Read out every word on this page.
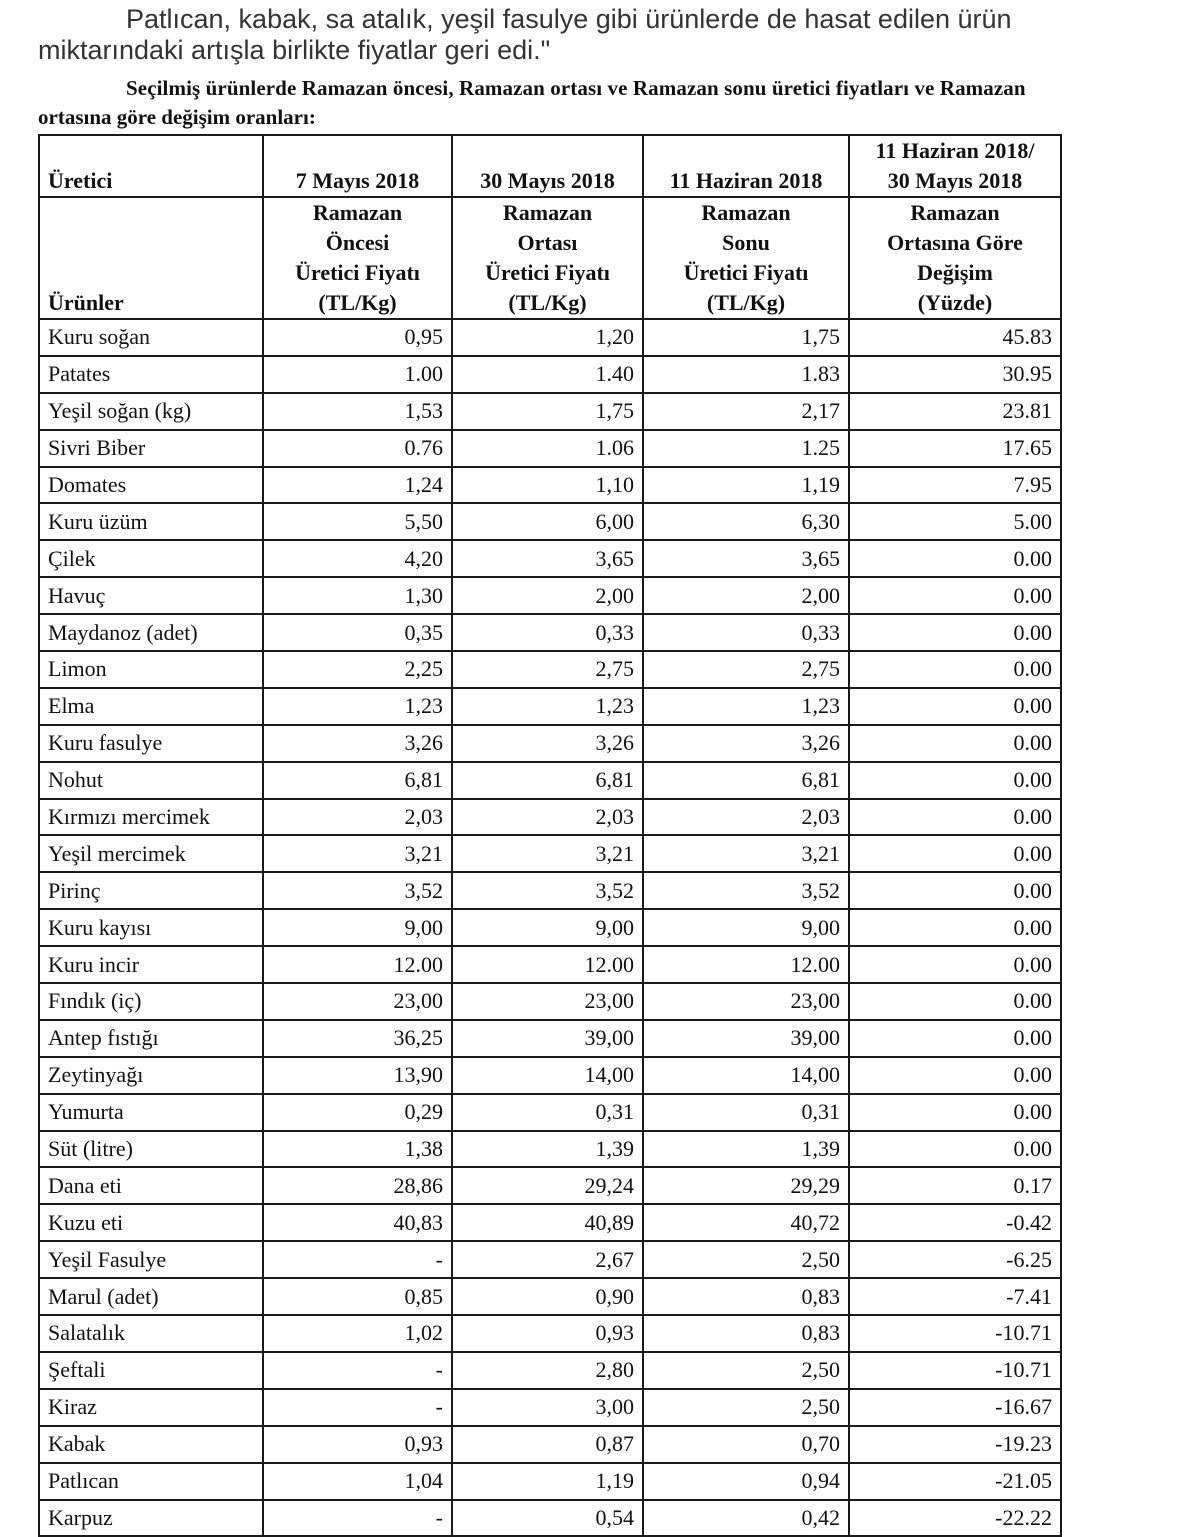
Patlıcan, kabak, sa atalık, yeşil fasulye gibi ürünlerde de hasat edilen ürün
miktarındaki artışla birlikte fiyatlar geri edi."
Seçilmiş ürünlerde Ramazan öncesi, Ramazan ortası ve Ramazan sonu üretici fiyatları ve Ramazan
ortasına göre değişim oranları:
Üretici	7 Mayıs 2018	30 Mayıs 2018	11 Haziran 2018	11 Haziran 2018/
30 Mayıs 2018

Ürünler	Ramazan
Öncesi
Üretici Fiyatı
(TL/Kg)	Ramazan
Ortası
Üretici Fiyatı
(TL/Kg)	Ramazan
Sonu
Üretici Fiyatı
(TL/Kg)	Ramazan
Ortasına Göre
Değişim
(Yüzde)

Kuru soğan	0,95	1,20	1,75	45.83
Patates	1.00	1.40	1.83	30.95
Yeşil soğan (kg)	1,53	1,75	2,17	23.81
Sivri Biber	0.76	1.06	1.25	17.65
Domates	1,24	1,10	1,19	7.95
Kuru üzüm	5,50	6,00	6,30	5.00
Çilek	4,20	3,65	3,65	0.00
Havuç	1,30	2,00	2,00	0.00
Maydanoz (adet)	0,35	0,33	0,33	0.00
Limon	2,25	2,75	2,75	0.00
Elma	1,23	1,23	1,23	0.00
Kuru fasulye	3,26	3,26	3,26	0.00
Nohut	6,81	6,81	6,81	0.00
Kırmızı mercimek	2,03	2,03	2,03	0.00
Yeşil mercimek	3,21	3,21	3,21	0.00
Pirinç	3,52	3,52	3,52	0.00
Kuru kayısı	9,00	9,00	9,00	0.00
Kuru incir	12.00	12.00	12.00	0.00
Fındık (iç)	23,00	23,00	23,00	0.00
Antep fıstığı	36,25	39,00	39,00	0.00
Zeytinyağı	13,90	14,00	14,00	0.00
Yumurta	0,29	0,31	0,31	0.00
Süt (litre)	1,38	1,39	1,39	0.00
Dana eti	28,86	29,24	29,29	0.17
Kuzu eti	40,83	40,89	40,72	-0.42
Yeşil Fasulye	-	2,67	2,50	-6.25
Marul (adet)	0,85	0,90	0,83	-7.41
Salatalık	1,02	0,93	0,83	-10.71
Şeftali	-	2,80	2,50	-10.71
Kiraz	-	3,00	2,50	-16.67
Kabak	0,93	0,87	0,70	-19.23
Patlıcan	1,04	1,19	0,94	-21.05
Karpuz	-	0,54	0,42	-22.22
